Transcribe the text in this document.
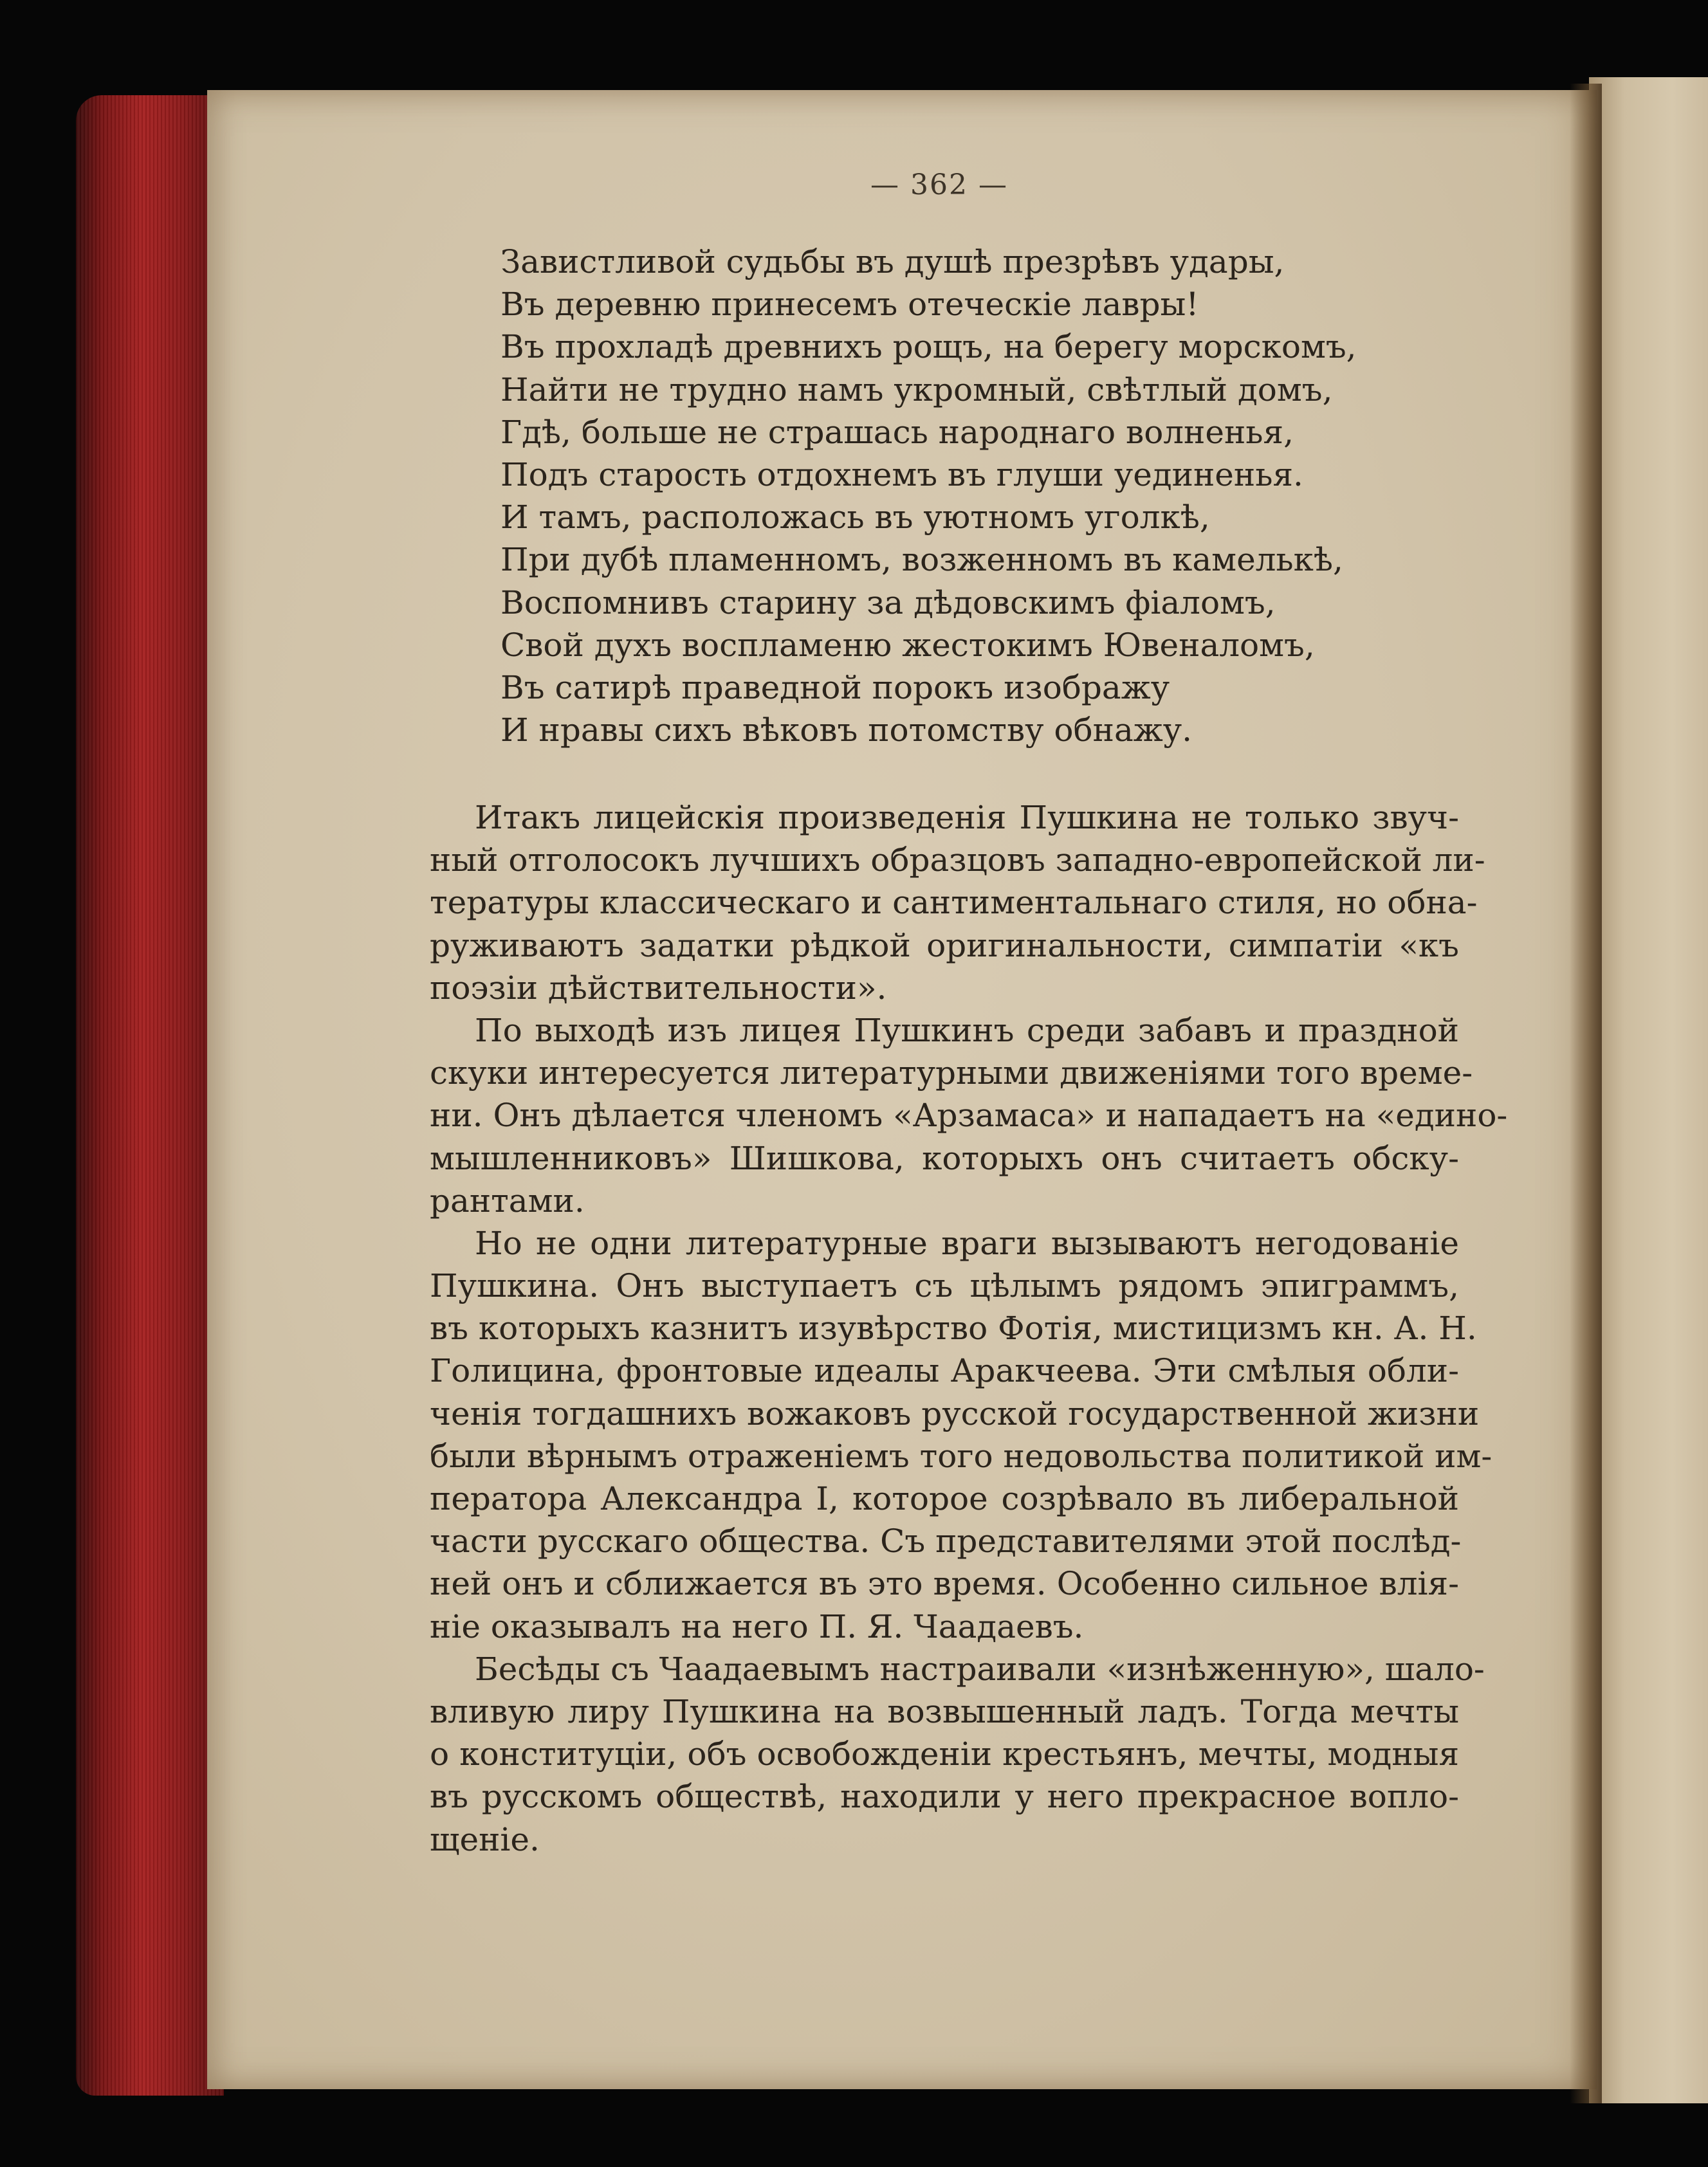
— 362 —
Завистливой судьбы въ душѣ презрѣвъ удары,
Въ деревню принесемъ отеческіе лавры!
Въ прохладѣ древнихъ рощъ, на берегу морскомъ,
Найти не трудно намъ укромный, свѣтлый домъ,
Гдѣ, больше не страшась народнаго волненья,
Подъ старость отдохнемъ въ глуши уединенья.
И тамъ, расположась въ уютномъ уголкѣ,
При дубѣ пламенномъ, возженномъ въ камелькѣ,
Воспомнивъ старину за дѣдовскимъ фіаломъ,
Свой духъ воспламеню жестокимъ Ювеналомъ,
Въ сатирѣ праведной порокъ изображу
И нравы сихъ вѣковъ потомству обнажу.
Итакъ лицейскія произведенія Пушкина не только звуч-
ный отголосокъ лучшихъ образцовъ западно-европейской ли-
тературы классическаго и сантиментальнаго стиля, но обна-
руживаютъ задатки рѣдкой оригинальности, симпатіи «къ
поэзіи дѣйствительности».
По выходѣ изъ лицея Пушкинъ среди забавъ и праздной
скуки интересуется литературными движеніями того време-
ни. Онъ дѣлается членомъ «Арзамаса» и нападаетъ на «едино-
мышленниковъ» Шишкова, которыхъ онъ считаетъ обску-
рантами.
Но не одни литературные враги вызываютъ негодованіе
Пушкина. Онъ выступаетъ съ цѣлымъ рядомъ эпиграммъ,
въ которыхъ казнитъ изувѣрство Фотія, мистицизмъ кн. А. Н.
Голицина, фронтовые идеалы Аракчеева. Эти смѣлыя обли-
ченія тогдашнихъ вожаковъ русской государственной жизни
были вѣрнымъ отраженіемъ того недовольства политикой им-
ператора Александра I, которое созрѣвало въ либеральной
части русскаго общества. Съ представителями этой послѣд-
ней онъ и сближается въ это время. Особенно сильное влія-
ніе оказывалъ на него П. Я. Чаадаевъ.
Бесѣды съ Чаадаевымъ настраивали «изнѣженную», шало-
вливую лиру Пушкина на возвышенный ладъ. Тогда мечты
о конституціи, объ освобожденіи крестьянъ, мечты, модныя
въ русскомъ обществѣ, находили у него прекрасное вопло-
щеніе.
